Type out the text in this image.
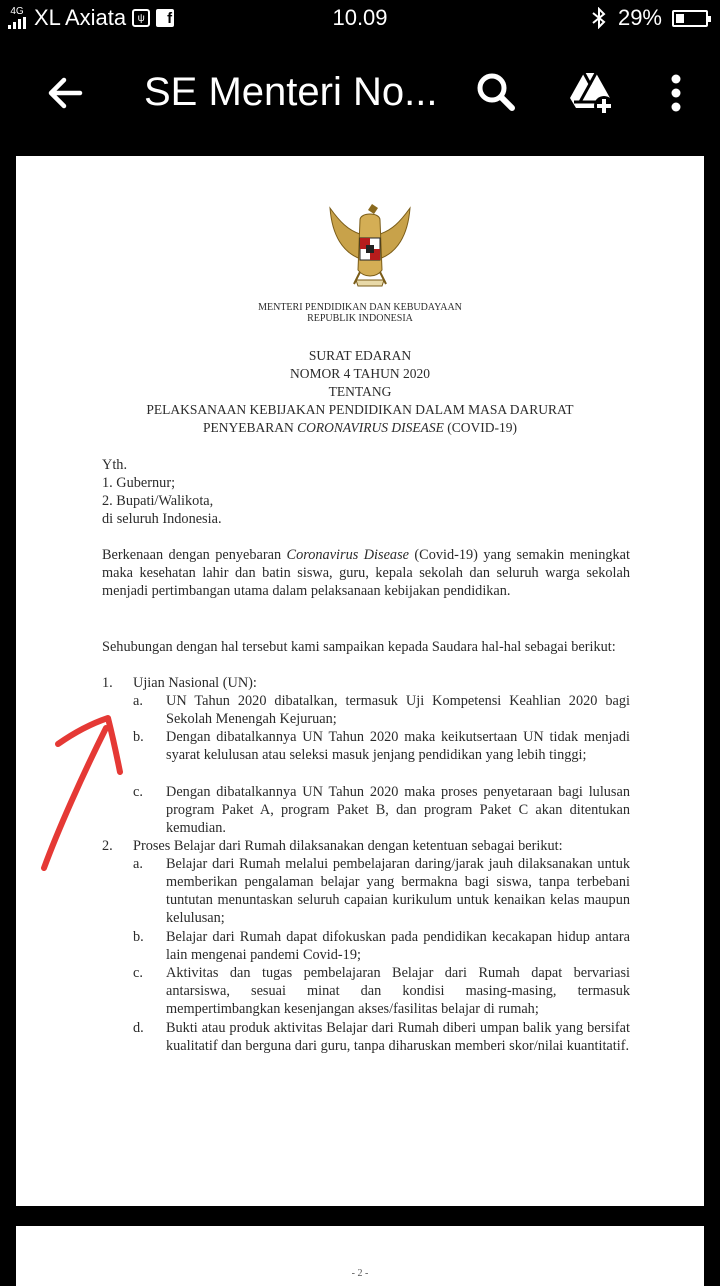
4G XL Axiata	ψ	f	10.09	29%
SE Menteri No...
MENTERI PENDIDIKAN DAN KEBUDAYAAN
REPUBLIK INDONESIA
SURAT EDARAN
NOMOR 4 TAHUN 2020
TENTANG
PELAKSANAAN KEBIJAKAN PENDIDIKAN DALAM MASA DARURAT
PENYEBARAN CORONAVIRUS DISEASE (COVID-19)
Yth.
1. Gubernur;
2. Bupati/Walikota,
di seluruh Indonesia.
Berkenaan dengan penyebaran Coronavirus Disease (Covid-19) yang semakin meningkat maka kesehatan lahir dan batin siswa, guru, kepala sekolah dan seluruh warga sekolah menjadi pertimbangan utama dalam pelaksanaan kebijakan pendidikan.
Sehubungan dengan hal tersebut kami sampaikan kepada Saudara hal-hal sebagai berikut:
1. Ujian Nasional (UN):
a. UN Tahun 2020 dibatalkan, termasuk Uji Kompetensi Keahlian 2020 bagi Sekolah Menengah Kejuruan;
b. Dengan dibatalkannya UN Tahun 2020 maka keikutsertaan UN tidak menjadi syarat kelulusan atau seleksi masuk jenjang pendidikan yang lebih tinggi;
c. Dengan dibatalkannya UN Tahun 2020 maka proses penyetaraan bagi lulusan program Paket A, program Paket B, dan program Paket C akan ditentukan kemudian.
2. Proses Belajar dari Rumah dilaksanakan dengan ketentuan sebagai berikut:
a. Belajar dari Rumah melalui pembelajaran daring/jarak jauh dilaksanakan untuk memberikan pengalaman belajar yang bermakna bagi siswa, tanpa terbebani tuntutan menuntaskan seluruh capaian kurikulum untuk kenaikan kelas maupun kelulusan;
b. Belajar dari Rumah dapat difokuskan pada pendidikan kecakapan hidup antara lain mengenai pandemi Covid-19;
c. Aktivitas dan tugas pembelajaran Belajar dari Rumah dapat bervariasi antarsiswa, sesuai minat dan kondisi masing-masing, termasuk mempertimbangkan kesenjangan akses/fasilitas belajar di rumah;
d. Bukti atau produk aktivitas Belajar dari Rumah diberi umpan balik yang bersifat kualitatif dan berguna dari guru, tanpa diharuskan memberi skor/nilai kuantitatif.
- 2 -
